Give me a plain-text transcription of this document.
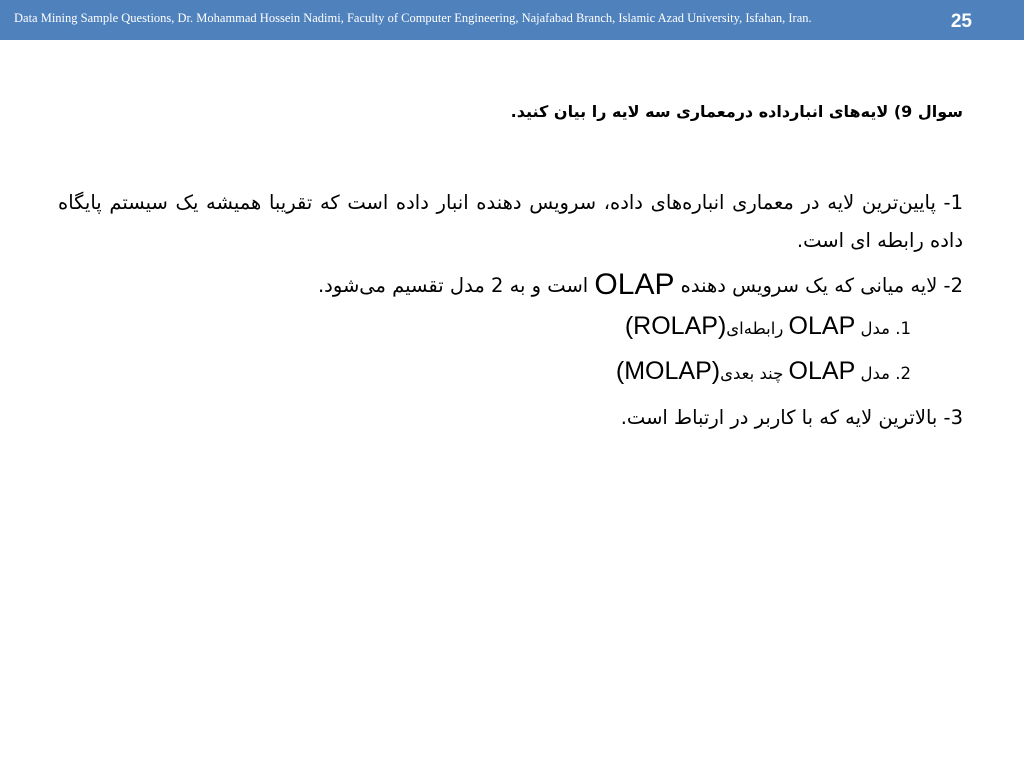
Data Mining Sample Questions, Dr. Mohammad Hossein Nadimi, Faculty of Computer Engineering, Najafabad Branch, Islamic Azad University, Isfahan, Iran.	25
سوال 9) لایه‌های انبارداده درمعماری سه لایه را بیان کنید.

1- پایین‌ترین لایه در معماری انباره‌های داده، سرویس دهنده انبار داده است که تقریبا همیشه یک سیستم پایگاه داده رابطه ای است.

2- لایه میانی که یک سرویس دهنده OLAP است و به 2 مدل تقسیم می‌شود.

1. مدل OLAP رابطه‌ای(ROLAP)
2. مدل OLAP چند بعدی(MOLAP)

3- بالاترین لایه که با کاربر در ارتباط است.
